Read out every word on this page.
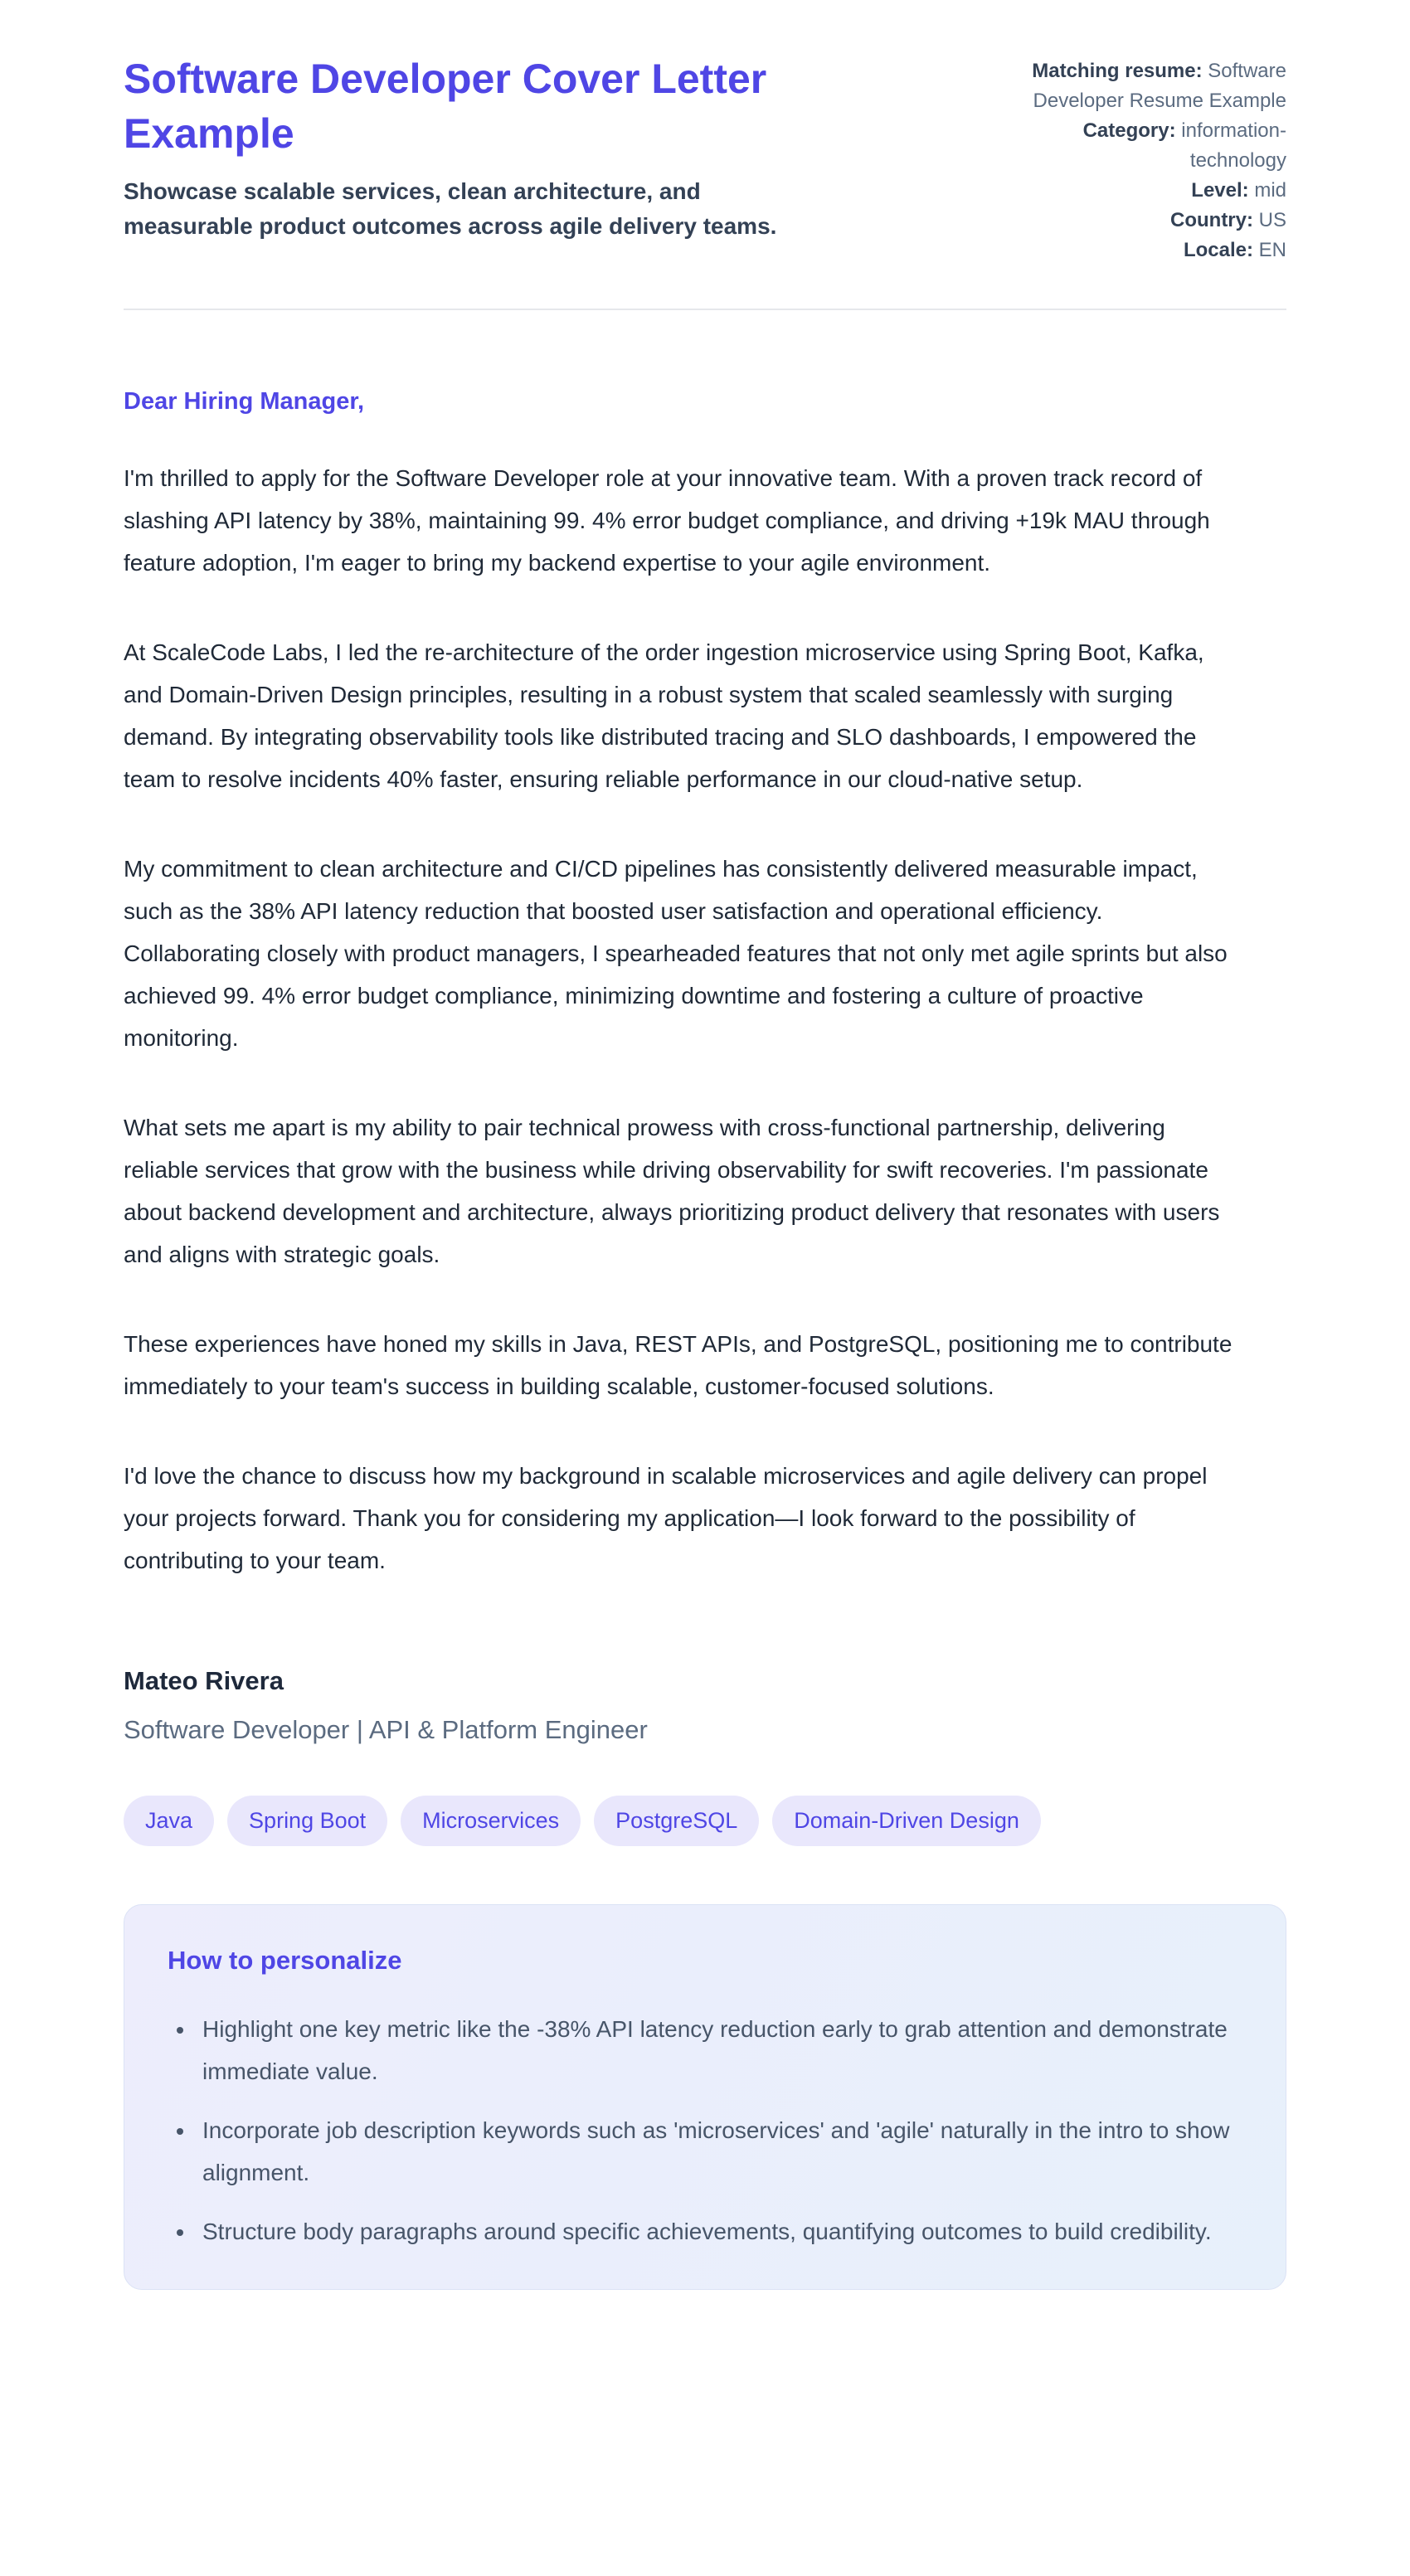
Software Developer Cover Letter Example

Showcase scalable services, clean architecture, and measurable product outcomes across agile delivery teams.

Matching resume: Software Developer Resume Example
Category: information-technology
Level: mid
Country: US
Locale: EN

Dear Hiring Manager,

I'm thrilled to apply for the Software Developer role at your innovative team. With a proven track record of slashing API latency by 38%, maintaining 99. 4% error budget compliance, and driving +19k MAU through feature adoption, I'm eager to bring my backend expertise to your agile environment.

At ScaleCode Labs, I led the re-architecture of the order ingestion microservice using Spring Boot, Kafka, and Domain-Driven Design principles, resulting in a robust system that scaled seamlessly with surging demand. By integrating observability tools like distributed tracing and SLO dashboards, I empowered the team to resolve incidents 40% faster, ensuring reliable performance in our cloud-native setup.

My commitment to clean architecture and CI/CD pipelines has consistently delivered measurable impact, such as the 38% API latency reduction that boosted user satisfaction and operational efficiency. Collaborating closely with product managers, I spearheaded features that not only met agile sprints but also achieved 99. 4% error budget compliance, minimizing downtime and fostering a culture of proactive monitoring.

What sets me apart is my ability to pair technical prowess with cross-functional partnership, delivering reliable services that grow with the business while driving observability for swift recoveries. I'm passionate about backend development and architecture, always prioritizing product delivery that resonates with users and aligns with strategic goals.

These experiences have honed my skills in Java, REST APIs, and PostgreSQL, positioning me to contribute immediately to your team's success in building scalable, customer-focused solutions.

I'd love the chance to discuss how my background in scalable microservices and agile delivery can propel your projects forward. Thank you for considering my application—I look forward to the possibility of contributing to your team.

Mateo Rivera

Software Developer | API & Platform Engineer

Java	Spring Boot	Microservices	PostgreSQL	Domain-Driven Design
How to personalize
• Highlight one key metric like the -38% API latency reduction early to grab attention and demonstrate immediate value.
• Incorporate job description keywords such as 'microservices' and 'agile' naturally in the intro to show alignment.
• Structure body paragraphs around specific achievements, quantifying outcomes to build credibility.
